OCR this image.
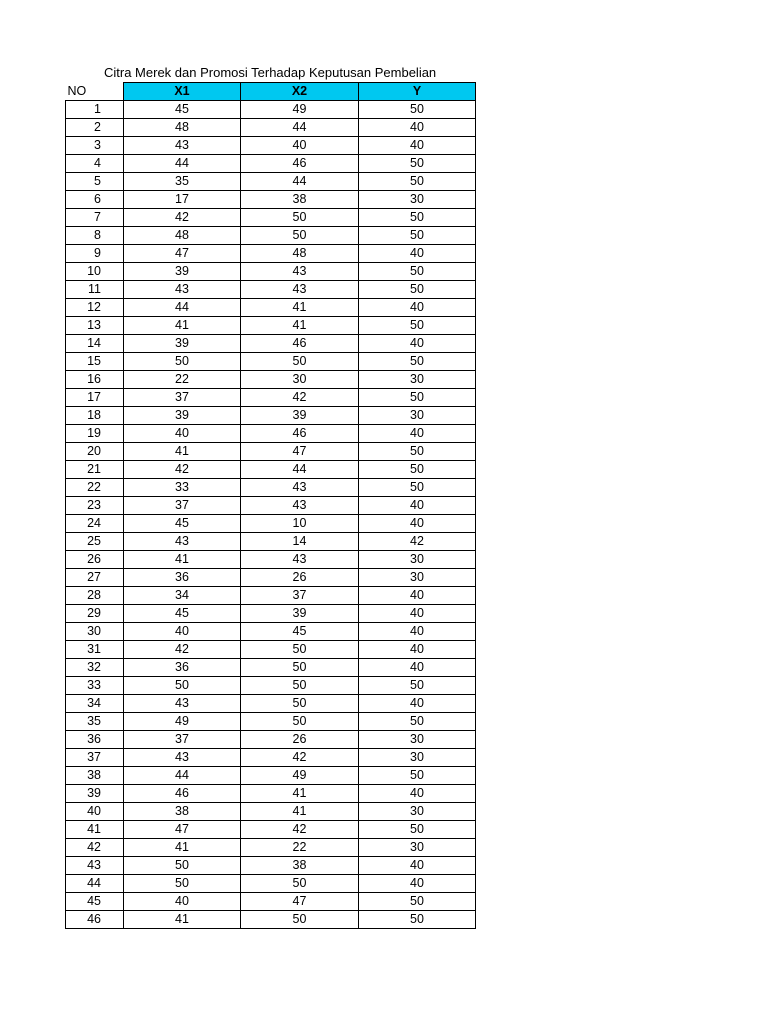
Citra Merek dan Promosi Terhadap Keputusan Pembelian
NO	X1	X2	Y
1	45	49	50
2	48	44	40
3	43	40	40
4	44	46	50
5	35	44	50
6	17	38	30
7	42	50	50
8	48	50	50
9	47	48	40
10	39	43	50
11	43	43	50
12	44	41	40
13	41	41	50
14	39	46	40
15	50	50	50
16	22	30	30
17	37	42	50
18	39	39	30
19	40	46	40
20	41	47	50
21	42	44	50
22	33	43	50
23	37	43	40
24	45	10	40
25	43	14	42
26	41	43	30
27	36	26	30
28	34	37	40
29	45	39	40
30	40	45	40
31	42	50	40
32	36	50	40
33	50	50	50
34	43	50	40
35	49	50	50
36	37	26	30
37	43	42	30
38	44	49	50
39	46	41	40
40	38	41	30
41	47	42	50
42	41	22	30
43	50	38	40
44	50	50	40
45	40	47	50
46	41	50	50
